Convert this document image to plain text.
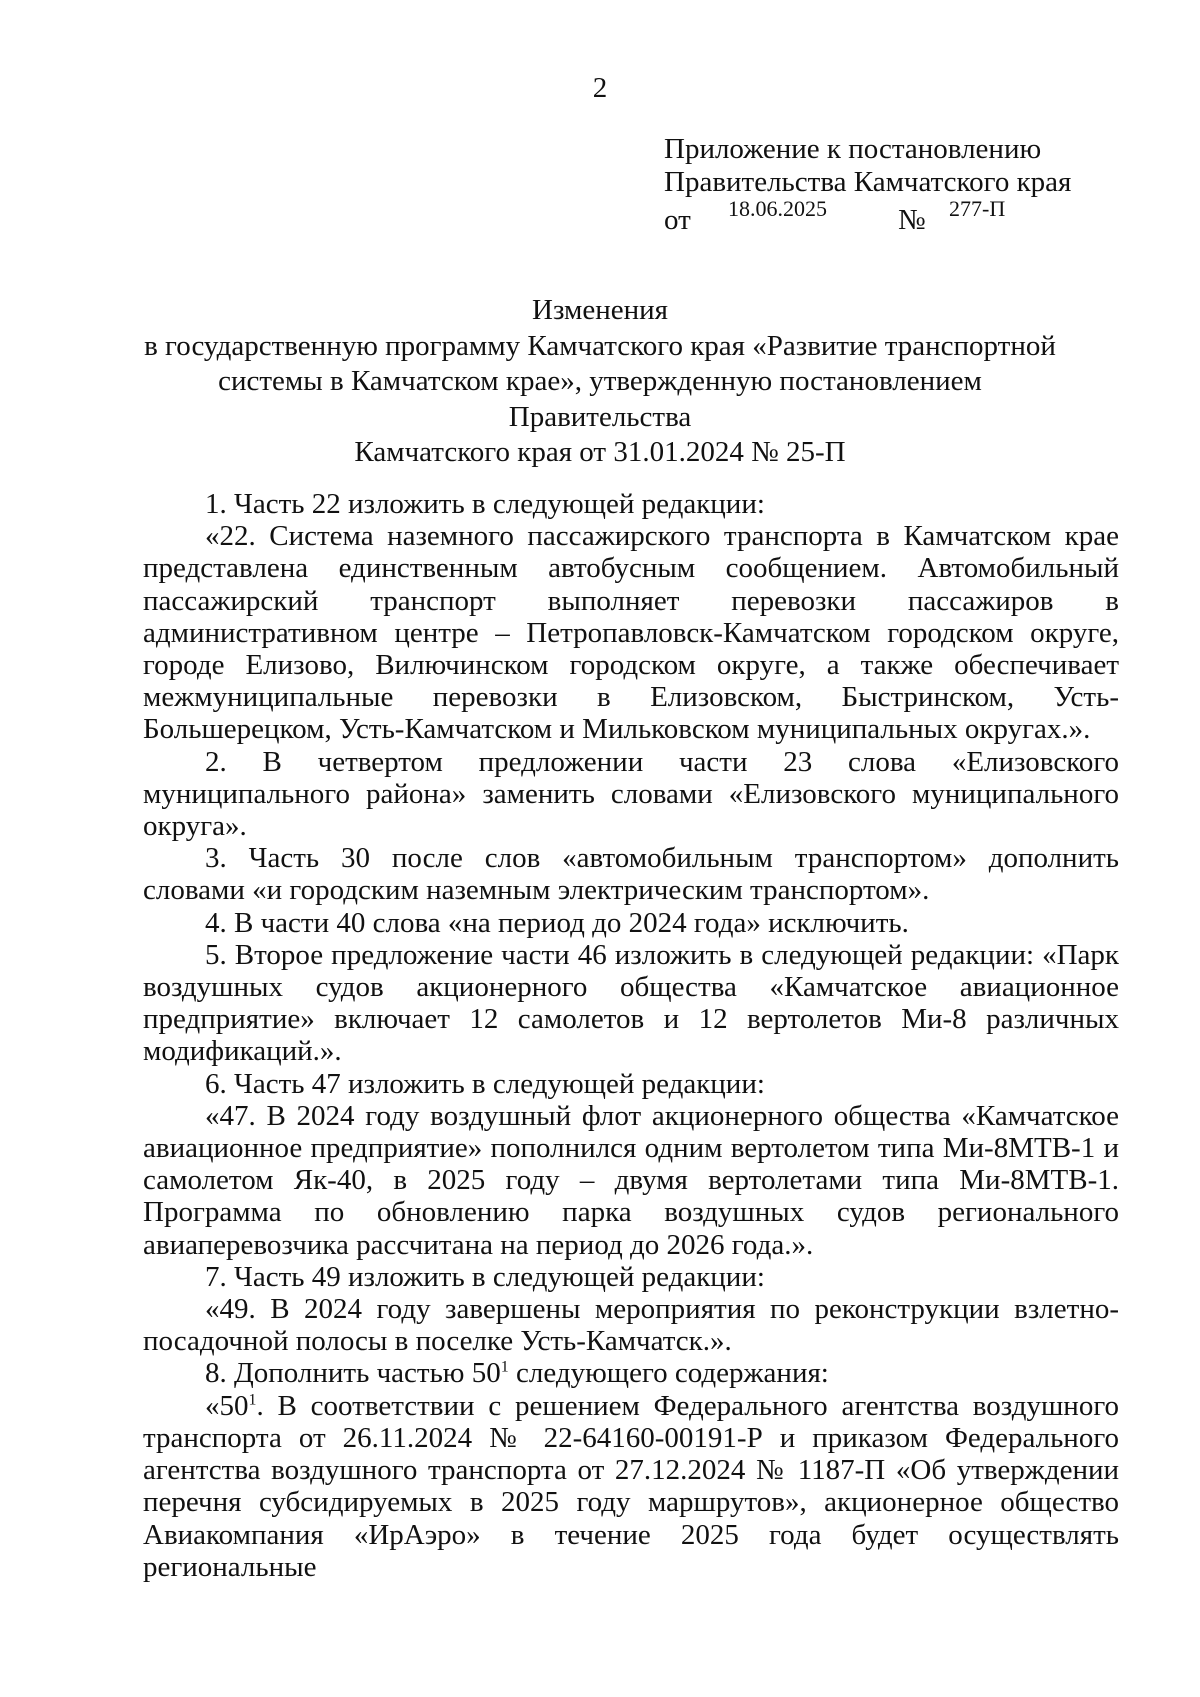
2
Приложение к постановлению
Правительства Камчатского края
от 18.06.2025 № 277-П
Изменения
в государственную программу Камчатского края «Развитие транспортной
системы в Камчатском крае», утвержденную постановлением Правительства
Камчатского края от 31.01.2024 № 25-П

1. Часть 22 изложить в следующей редакции:

«22. Система наземного пассажирского транспорта в Камчатском крае представлена единственным автобусным сообщением. Автомобильный пассажирский транспорт выполняет перевозки пассажиров в административном центре – Петропавловск-Камчатском городском округе, городе Елизово, Вилючинском городском округе, а также обеспечивает межмуниципальные перевозки в Елизовском, Быстринском, Усть-Большерецком, Усть-Камчатском и Мильковском муниципальных округах.».

2. В четвертом предложении части 23 слова «Елизовского муниципального района» заменить словами «Елизовского муниципального округа».

3. Часть 30 после слов «автомобильным транспортом» дополнить словами «и городским наземным электрическим транспортом».

4. В части 40 слова «на период до 2024 года» исключить.

5. Второе предложение части 46 изложить в следующей редакции: «Парк воздушных судов акционерного общества «Камчатское авиационное предприятие» включает 12 самолетов и 12 вертолетов Ми-8 различных модификаций.».

6. Часть 47 изложить в следующей редакции:

«47. В 2024 году воздушный флот акционерного общества «Камчатское авиационное предприятие» пополнился одним вертолетом типа Ми-8МТВ-1 и самолетом Як-40, в 2025 году – двумя вертолетами типа Ми-8МТВ-1. Программа по обновлению парка воздушных судов регионального авиаперевозчика рассчитана на период до 2026 года.».

7. Часть 49 изложить в следующей редакции:

«49. В 2024 году завершены мероприятия по реконструкции взлетно-посадочной полосы в поселке Усть-Камчатск.».

8. Дополнить частью $50^1$ следующего содержания:

«$50^1$. В соответствии с решением Федерального агентства воздушного транспорта от 26.11.2024 № 22-64160-00191-Р и приказом Федерального агентства воздушного транспорта от 27.12.2024 № 1187-П «Об утверждении перечня субсидируемых в 2025 году маршрутов», акционерное общество Авиакомпания «ИрАэро» в течение 2025 года будет осуществлять региональные
